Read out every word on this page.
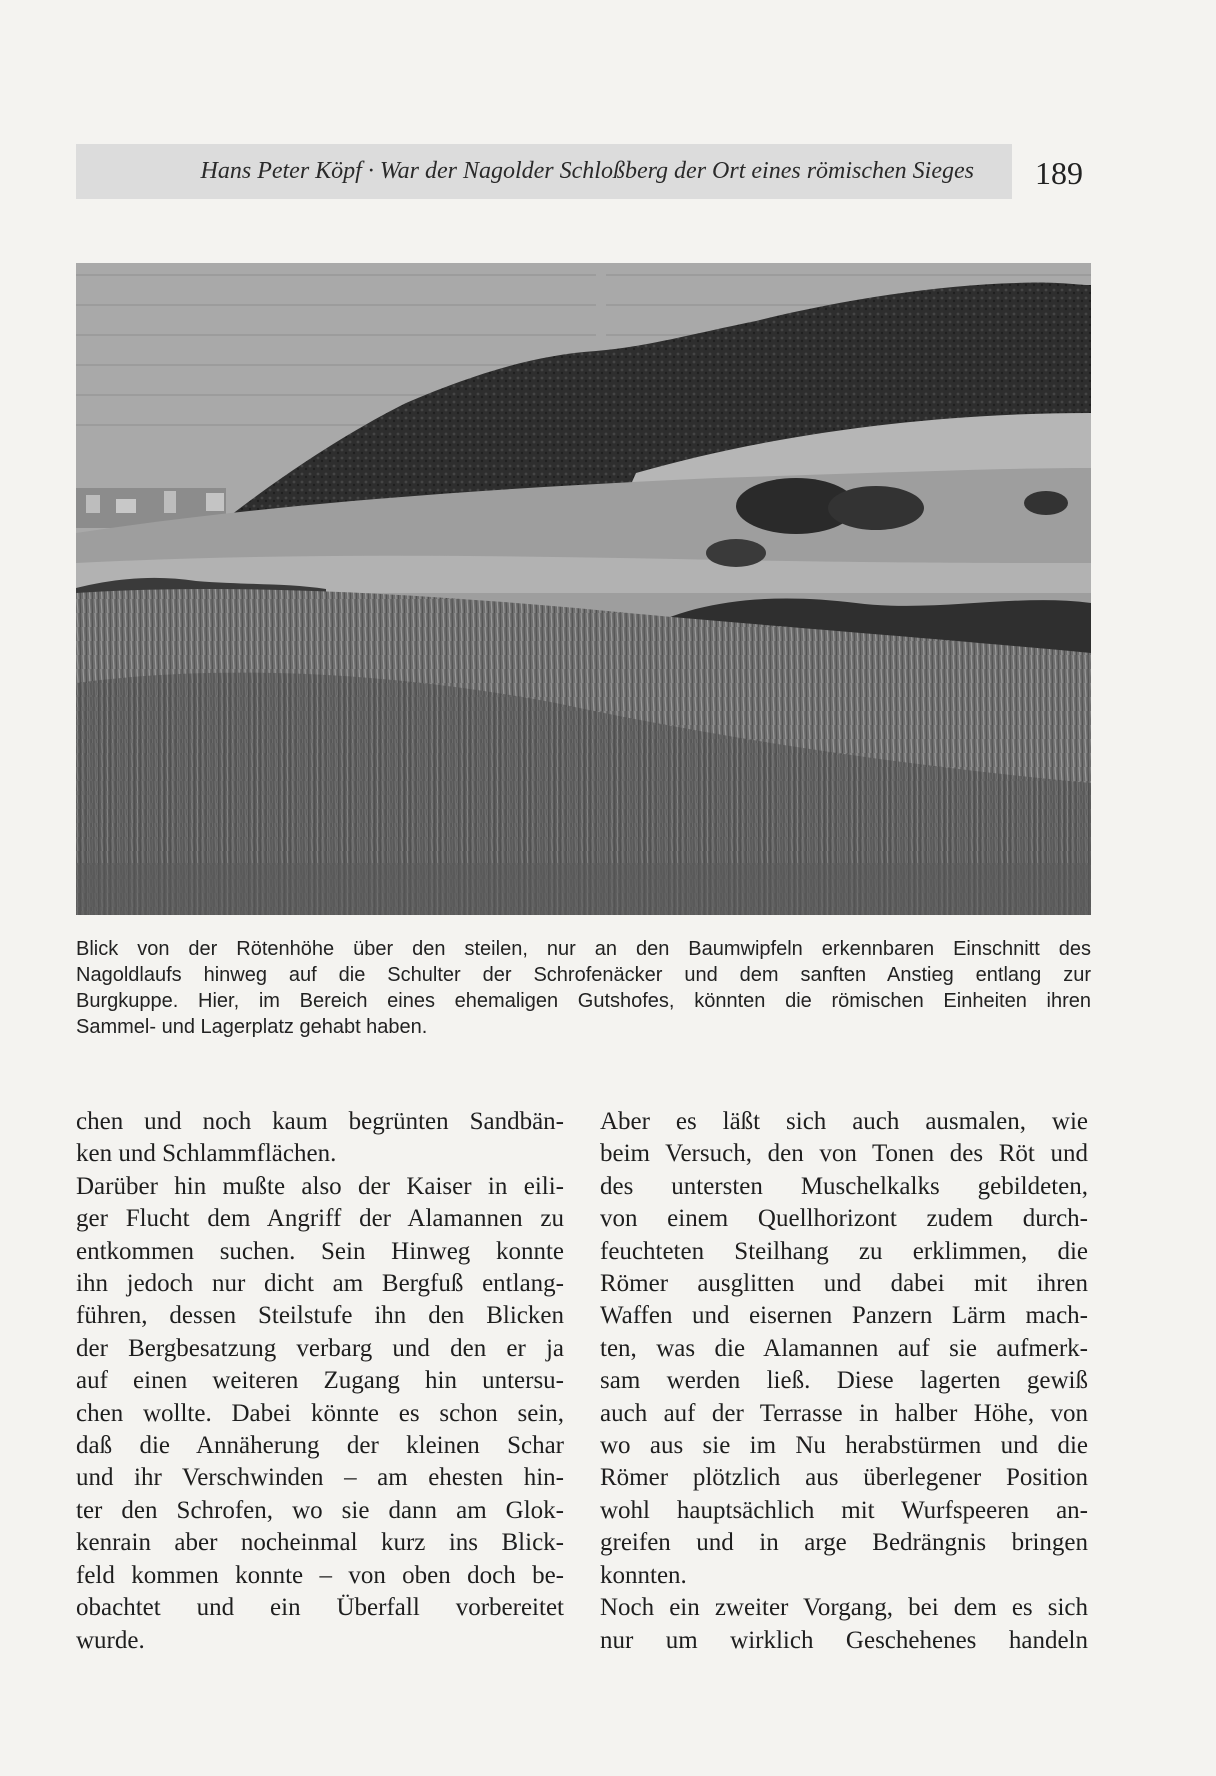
Hans Peter Köpf · War der Nagolder Schloßberg der Ort eines römischen Sieges 189
Blick von der Rötenhöhe über den steilen, nur an den Baumwipfeln erkennbaren Einschnitt des
Nagoldlaufs hinweg auf die Schulter der Schrofenäcker und dem sanften Anstieg entlang zur
Burgkuppe. Hier, im Bereich eines ehemaligen Gutshofes, könnten die römischen Einheiten ihren
Sammel- und Lagerplatz gehabt haben.
chen und noch kaum begrünten Sandbän-
ken und Schlammflächen.
Darüber hin mußte also der Kaiser in eili-
ger Flucht dem Angriff der Alamannen zu
entkommen suchen. Sein Hinweg konnte
ihn jedoch nur dicht am Bergfuß entlang-
führen, dessen Steilstufe ihn den Blicken
der Bergbesatzung verbarg und den er ja
auf einen weiteren Zugang hin untersu-
chen wollte. Dabei könnte es schon sein,
daß die Annäherung der kleinen Schar
und ihr Verschwinden – am ehesten hin-
ter den Schrofen, wo sie dann am Glok-
kenrain aber nocheinmal kurz ins Blick-
feld kommen konnte – von oben doch be-
obachtet und ein Überfall vorbereitet
wurde.
Aber es läßt sich auch ausmalen, wie
beim Versuch, den von Tonen des Röt und
des untersten Muschelkalks gebildeten,
von einem Quellhorizont zudem durch-
feuchteten Steilhang zu erklimmen, die
Römer ausglitten und dabei mit ihren
Waffen und eisernen Panzern Lärm mach-
ten, was die Alamannen auf sie aufmerk-
sam werden ließ. Diese lagerten gewiß
auch auf der Terrasse in halber Höhe, von
wo aus sie im Nu herabstürmen und die
Römer plötzlich aus überlegener Position
wohl hauptsächlich mit Wurfspeeren an-
greifen und in arge Bedrängnis bringen
konnten.
Noch ein zweiter Vorgang, bei dem es sich
nur um wirklich Geschehenes handeln
